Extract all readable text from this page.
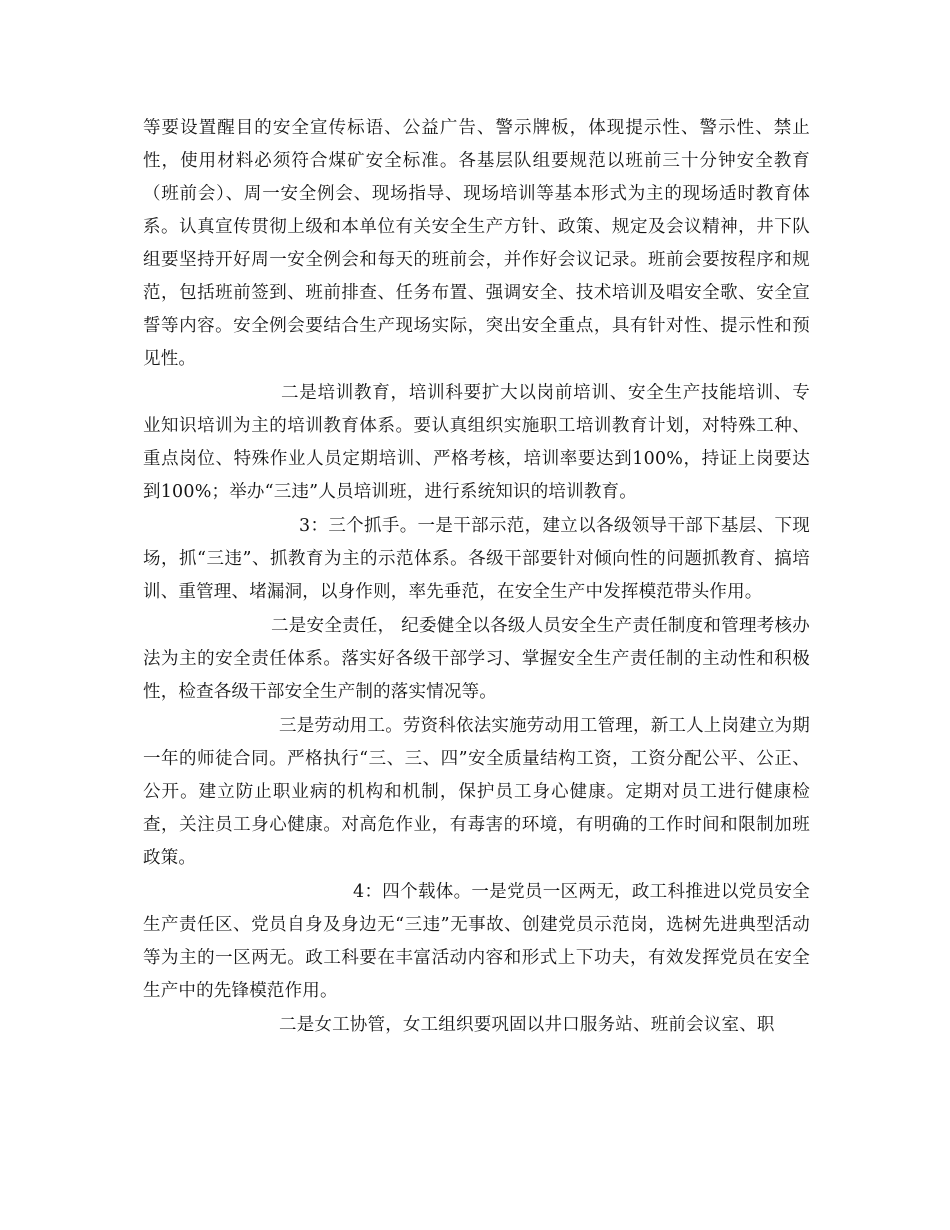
等要设置醒目的安全宣传标语、公益广告、警示牌板，体现提示性、警示性、禁止性，使用材料必须符合煤矿安全标准。各基层队组要规范以班前三十分钟安全教育（班前会）、周一安全例会、现场指导、现场培训等基本形式为主的现场适时教育体系。认真宣传贯彻上级和本单位有关安全生产方针、政策、规定及会议精神，井下队组要坚持开好周一安全例会和每天的班前会，并作好会议记录。班前会要按程序和规范，包括班前签到、班前排查、任务布置、强调安全、技术培训及唱安全歌、安全宣誓等内容。安全例会要结合生产现场实际，突出安全重点，具有针对性、提示性和预见性。

二是培训教育，培训科要扩大以岗前培训、安全生产技能培训、专业知识培训为主的培训教育体系。要认真组织实施职工培训教育计划，对特殊工种、重点岗位、特殊作业人员定期培训、严格考核，培训率要达到100%，持证上岗要达到100%；举办“三违”人员培训班，进行系统知识的培训教育。

3：三个抓手。一是干部示范，建立以各级领导干部下基层、下现场，抓“三违”、抓教育为主的示范体系。各级干部要针对倾向性的问题抓教育、搞培训、重管理、堵漏洞，以身作则，率先垂范，在安全生产中发挥模范带头作用。

二是安全责任， 纪委健全以各级人员安全生产责任制度和管理考核办法为主的安全责任体系。落实好各级干部学习、掌握安全生产责任制的主动性和积极性，检查各级干部安全生产制的落实情况等。

三是劳动用工。劳资科依法实施劳动用工管理，新工人上岗建立为期一年的师徒合同。严格执行“三、三、四”安全质量结构工资，工资分配公平、公正、公开。建立防止职业病的机构和机制，保护员工身心健康。定期对员工进行健康检查，关注员工身心健康。对高危作业，有毒害的环境，有明确的工作时间和限制加班政策。

4：四个载体。一是党员一区两无，政工科推进以党员安全生产责任区、党员自身及身边无“三违”无事故、创建党员示范岗，选树先进典型活动等为主的一区两无。政工科要在丰富活动内容和形式上下功夫，有效发挥党员在安全生产中的先锋模范作用。

二是女工协管，女工组织要巩固以井口服务站、班前会议室、职
